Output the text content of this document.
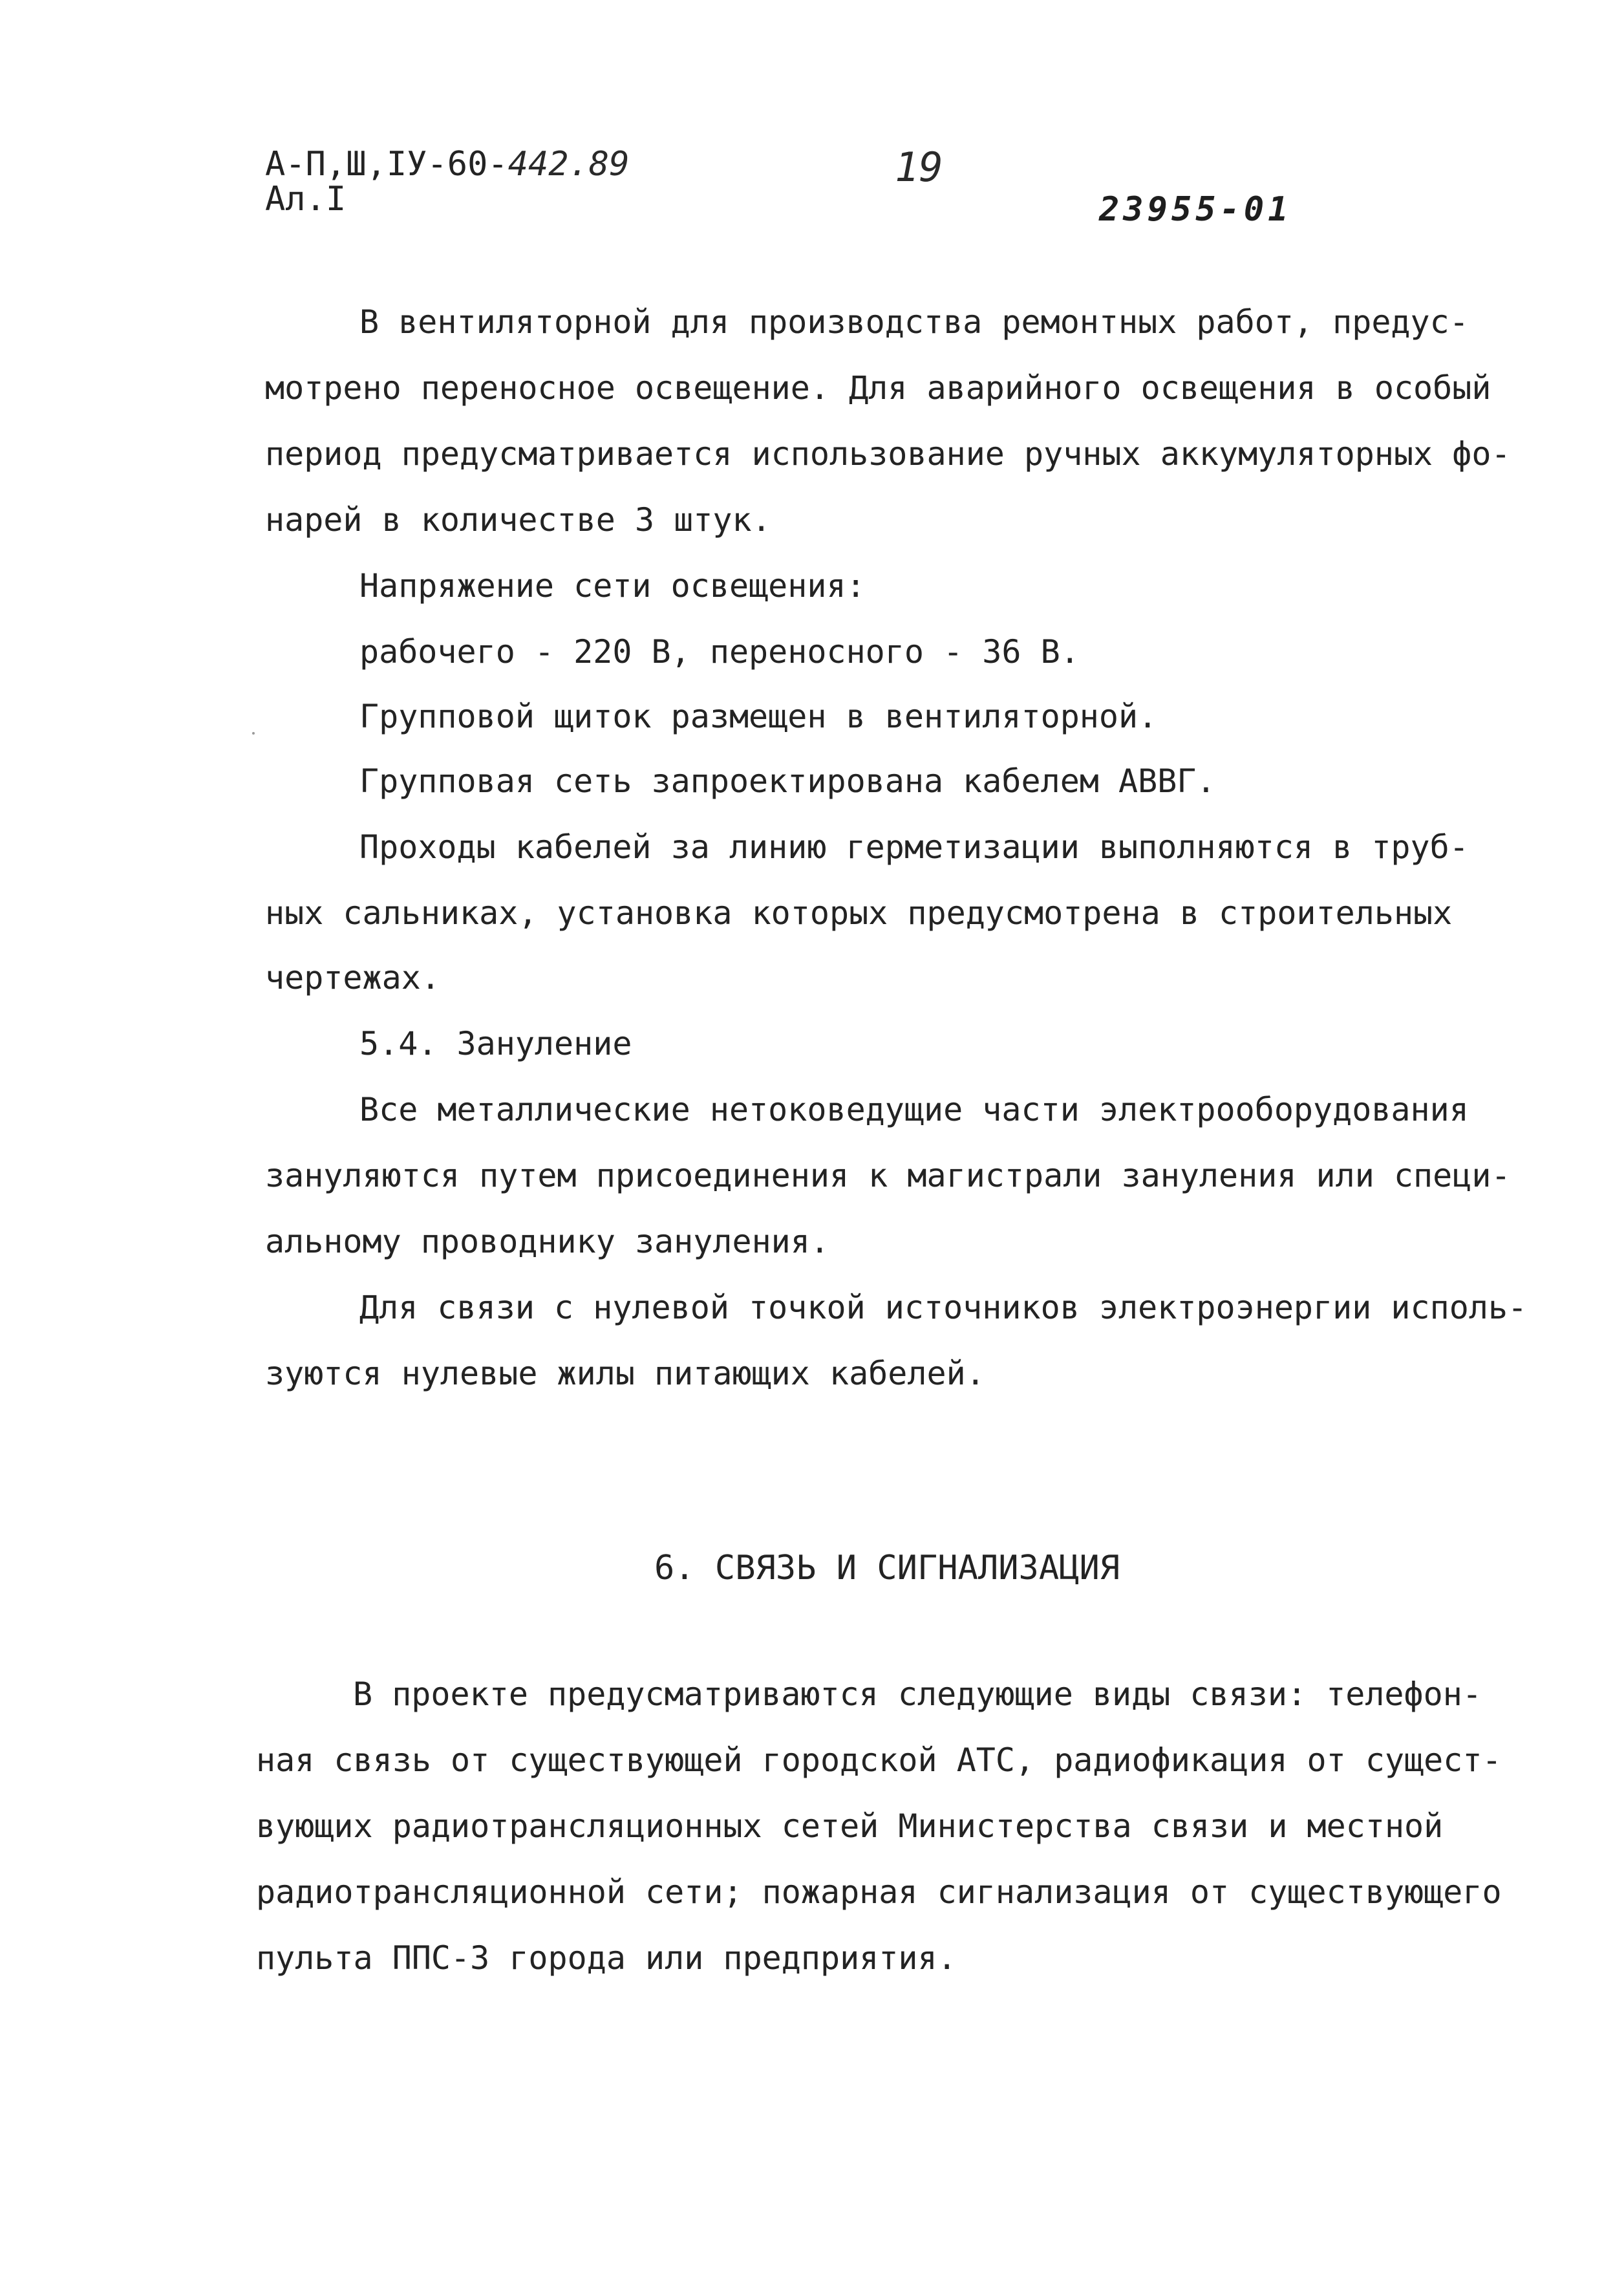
А-П,Ш,IУ-60-442.89
Ал.I
19
23955-01
В вентиляторной для производства ремонтных работ, предус-
мотрено переносное освещение. Для аварийного освещения в особый
период предусматривается использование ручных аккумуляторных фо-
нарей в количестве 3 штук.
Напряжение сети освещения:
рабочего - 220 В, переносного - 36 В.
Групповой щиток размещен в вентиляторной.
Групповая сеть запроектирована кабелем АВВГ.
Проходы кабелей за линию герметизации выполняются в труб-
ных сальниках, установка которых предусмотрена в строительных
чертежах.
5.4. Зануление
Все металлические нетоковедущие части электрооборудования
зануляются путем присоединения к магистрали зануления или специ-
альному проводнику зануления.
Для связи с нулевой точкой источников электроэнергии исполь-
зуются нулевые жилы питающих кабелей.
6. СВЯЗЬ И СИГНАЛИЗАЦИЯ
В проекте предусматриваются следующие виды связи: телефон-
ная связь от существующей городской АТС, радиофикация от сущест-
вующих радиотрансляционных сетей Министерства связи и местной
радиотрансляционной сети; пожарная сигнализация от существующего
пульта ППС-3 города или предприятия.
